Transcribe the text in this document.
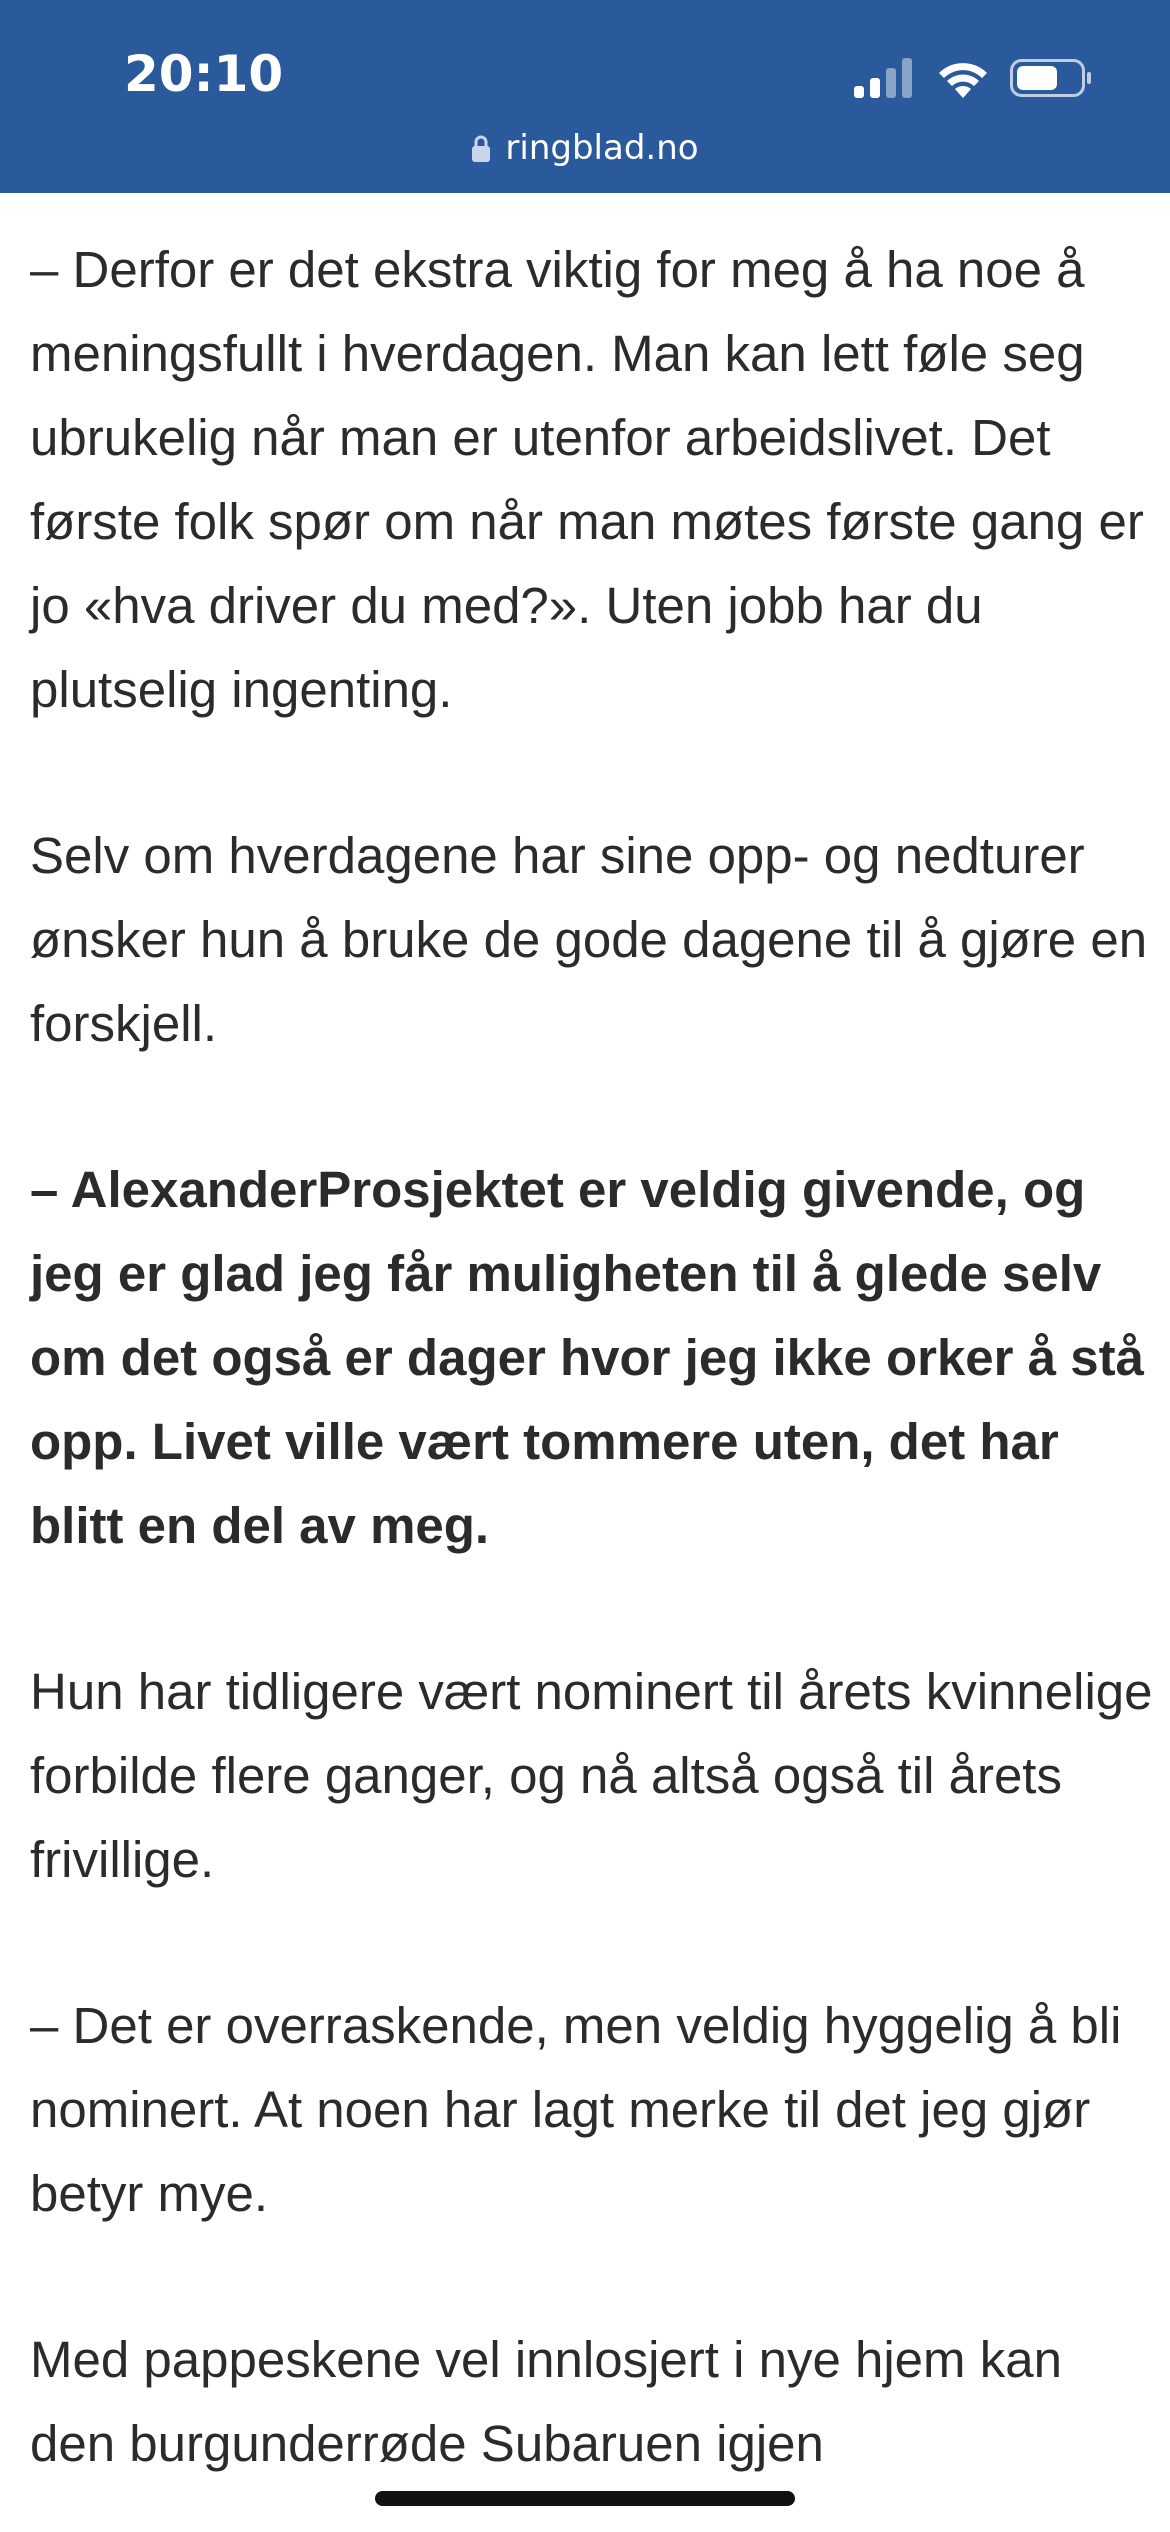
20:10
ringblad.no

– Derfor er det ekstra viktig for meg å ha noe å meningsfullt i hverdagen. Man kan lett føle seg ubrukelig når man er utenfor arbeidslivet. Det første folk spør om når man møtes første gang er jo «hva driver du med?». Uten jobb har du plutselig ingenting.

Selv om hverdagene har sine opp- og nedturer ønsker hun å bruke de gode dagene til å gjøre en forskjell.

– AlexanderProsjektet er veldig givende, og jeg er glad jeg får muligheten til å glede selv om det også er dager hvor jeg ikke orker å stå opp. Livet ville vært tommere uten, det har blitt en del av meg.

Hun har tidligere vært nominert til årets kvinnelige forbilde flere ganger, og nå altså også til årets frivillige.

– Det er overraskende, men veldig hyggelig å bli nominert. At noen har lagt merke til det jeg gjør betyr mye.

Med pappeskene vel innlosjert i nye hjem kan den burgunderrøde Subaruen igjen
